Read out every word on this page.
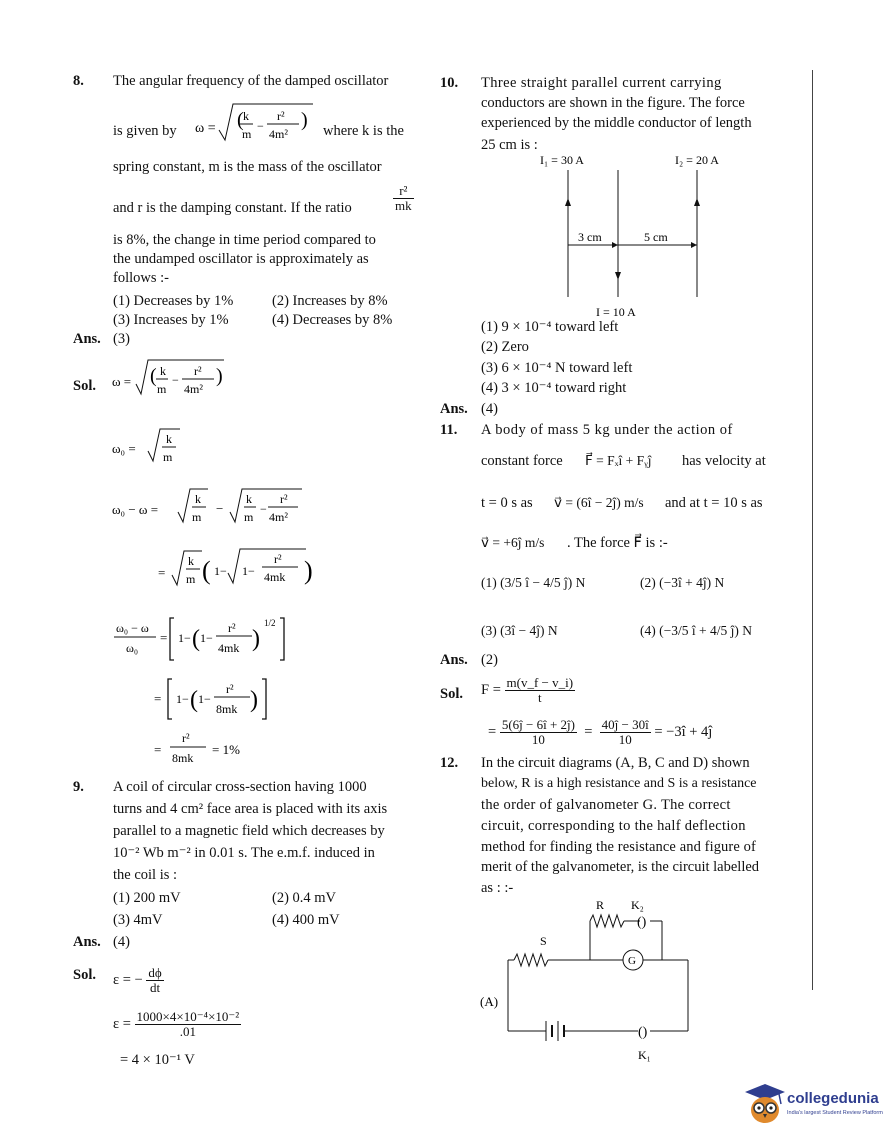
8. The angular frequency of the damped oscillator
is given by ω = (	)
k
m
−
r²
4m² where k is the
spring constant, m is the mass of the oscillator
and r is the damping constant. If the ratio	$\frac{\text{r²}}{mk}$
is 8%, the change in time period compared to
the undamped oscillator is approximately as
follows :-
(1) Decreases by 1%	(2) Increases by 8%
(3) Increases by 1%	(4) Decreases by 8%
Ans. (3)
Sol. ω = (	)
k
m
−
r²
4m²
ω₀ =
k
m
ω₀ − ω =
k
m
−
k
m
−
r²
4m²
=
k
m ( 1− 1−
r²
4mk )
ω₀ − ω
ω₀
= 1− ( 1−
r²
4mk )
1/2
= 1− ( 1−
r²
8mk )
=
r²
8mk
= 1%
9. A coil of circular cross-section having 1000
turns and 4 cm² face area is placed with its axis
parallel to a magnetic field which decreases by
10⁻² Wb m⁻² in 0.01 s. The e.m.f. induced in
the coil is :
(1) 200 mV	(2) 0.4 mV
(3) 4mV	(4) 400 mV
Ans. (4)
Sol. ε = − $\frac{d\phi}{dt}$
$\varepsilon = \frac{\text{1000×4×10⁻⁴×10⁻²}}{.01}$
= 4 × 10⁻¹ V
10. Three straight parallel current carrying
conductors are shown in the figure. The force
experienced by the middle conductor of length
25 cm is :
I₁ = 30 A	I₂ = 20 A
3 cm	5 cm
I = 10 A
(1) 9 × 10⁻⁴ toward left
(2) Zero
(3) 6 × 10⁻⁴ N toward left
(4) 3 × 10⁻⁴ toward right
Ans. (4)
11. A body of mass 5 kg under the action of
constant force F⃗ = Fₓî + Fᵧĵ has velocity at
t = 0 s as v⃗ = (6î − 2ĵ) m/s and at t = 10 s as
v⃗ = +6ĵ m/s . The force F⃗ is :-
(1) (3/5 î − 4/5 ĵ) N	(2) (−3î + 4ĵ) N
(3) (3î − 4ĵ) N	(4) (−3/5 î + 4/5 ĵ) N
Ans. (2)
Sol. $F = \frac{m(v\_f - v\_i)}{t}$
= $\frac{5(6ĵ - 6î + 2ĵ)}{10} = \frac{40ĵ - 30î}{10}$ = −3î + 4ĵ
12. In the circuit diagrams (A, B, C and D) shown
below, R is a high resistance and S is a resistance
the order of galvanometer G. The correct
circuit, corresponding to the half deflection
method for finding the resistance and figure of
merit of the galvanometer, is the circuit labelled
as : :-
(A)
R K₂
()
S
G
()
K₁
collegedunia
India's largest Student Review Platform
